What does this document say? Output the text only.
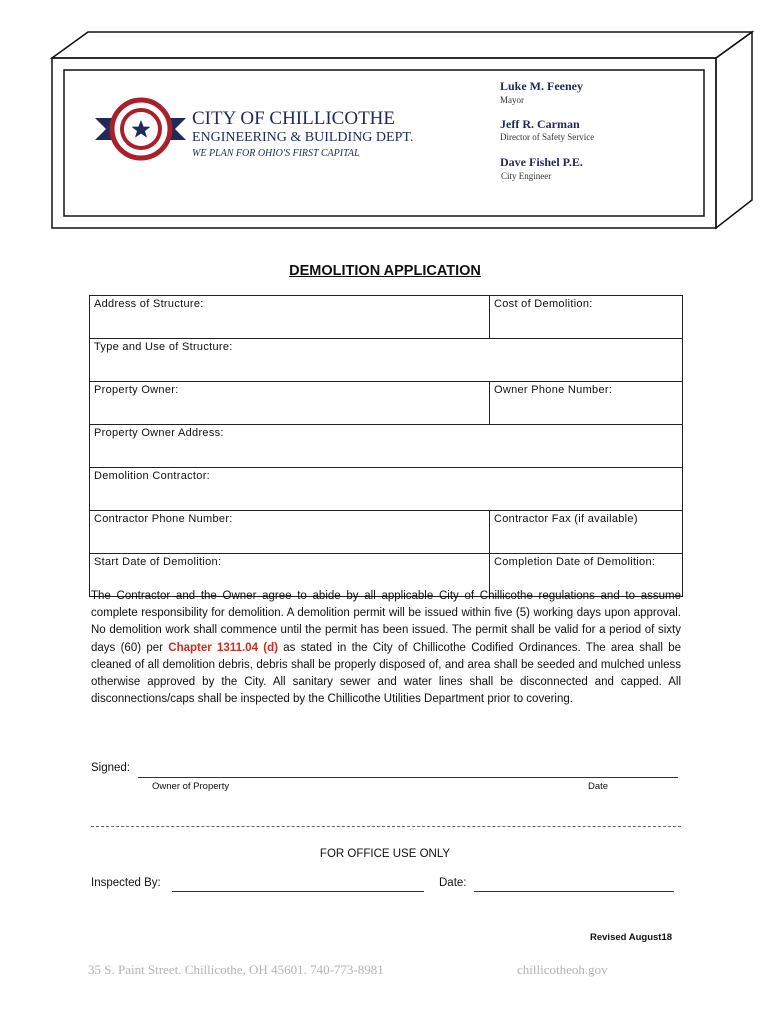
CITY OF CHILLICOTHE
ENGINEERING & BUILDING DEPT.
WE PLAN FOR OHIO'S FIRST CAPITAL
Luke M. Feeney
Mayor
Jeff R. Carman
Director of Safety Service
Dave Fishel P.E.
City Engineer
DEMOLITION APPLICATION
Address of Structure:	Cost of Demolition:
Type and Use of Structure:	
Property Owner:	Owner Phone Number:
Property Owner Address:	
Demolition Contractor:	
Contractor Phone Number:	Contractor Fax (if available)
Start Date of Demolition:	Completion Date of Demolition:
The Contractor and the Owner agree to abide by all applicable City of Chillicothe regulations and to assume complete responsibility for demolition. A demolition permit will be issued within five (5) working days upon approval. No demolition work shall commence until the permit has been issued. The permit shall be valid for a period of sixty days (60) per Chapter 1311.04 (d) as stated in the City of Chillicothe Codified Ordinances. The area shall be cleaned of all demolition debris, debris shall be properly disposed of, and area shall be seeded and mulched unless otherwise approved by the City. All sanitary sewer and water lines shall be disconnected and capped. All disconnections/caps shall be inspected by the Chillicothe Utilities Department prior to covering.
Signed:
Owner of Property	Date
FOR OFFICE USE ONLY
Inspected By:	Date:
Revised August18
35 S. Paint Street. Chillicothe, OH 45601. 740-773-8981	chillicotheoh.gov
